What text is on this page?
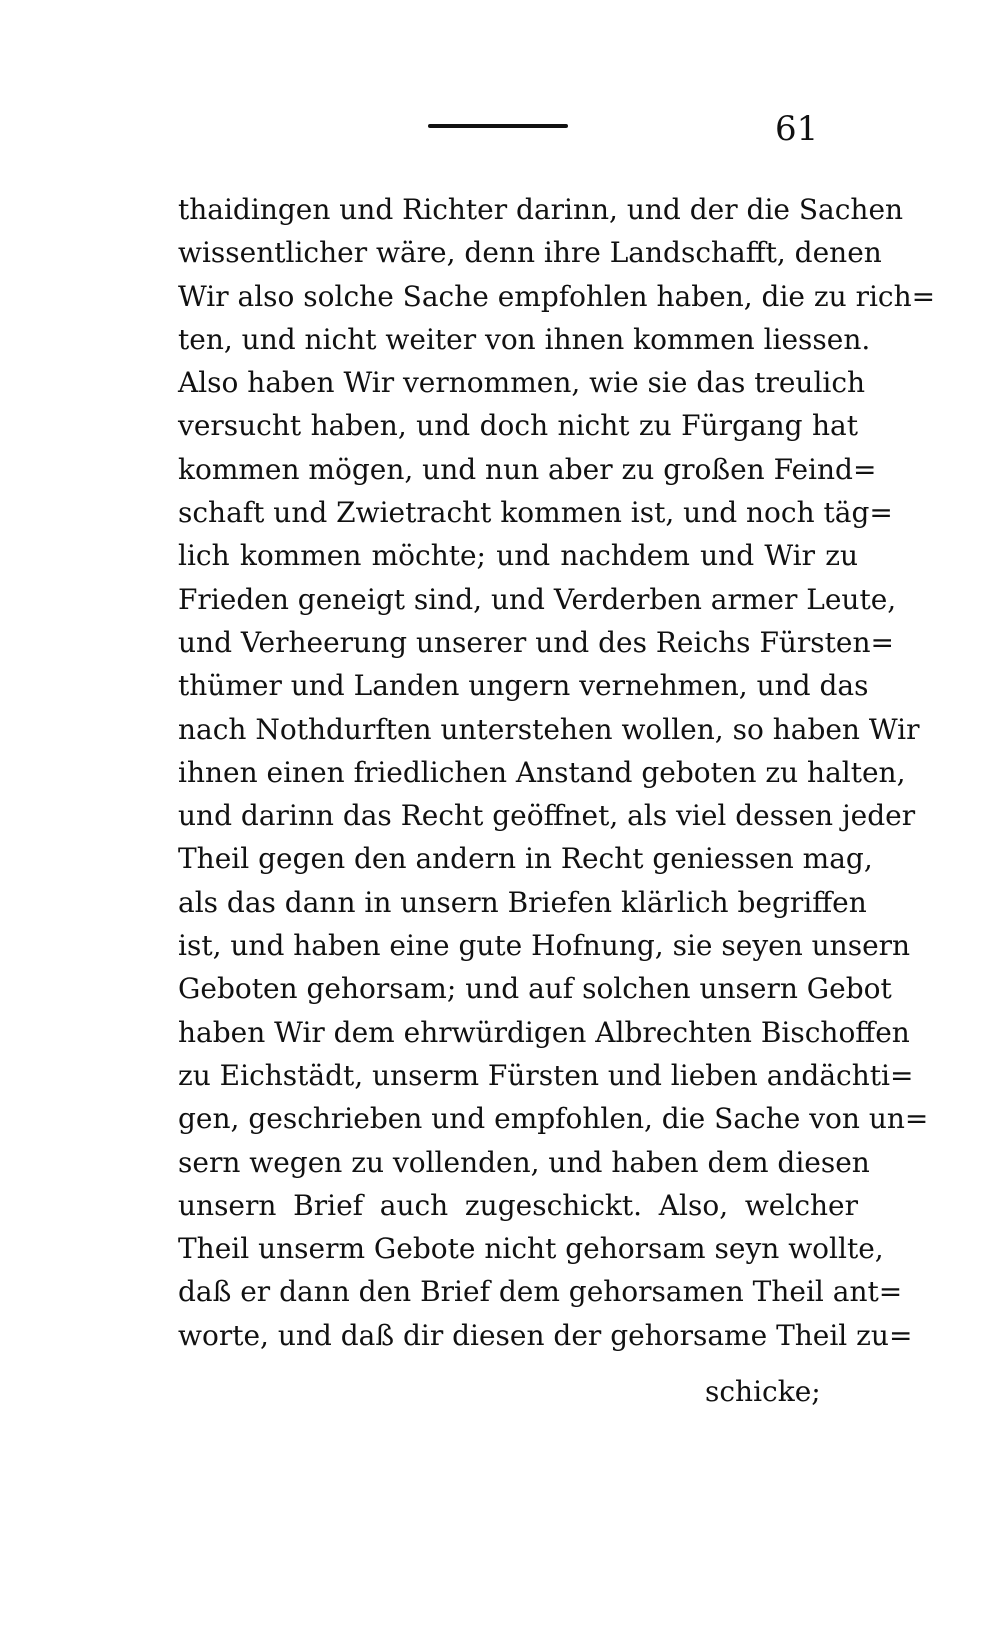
61
thaidingen und Richter darinn, und der die Sachen
wissentlicher wäre, denn ihre Landschafft, denen
Wir also solche Sache empfohlen haben, die zu rich=
ten, und nicht weiter von ihnen kommen liessen.
Also haben Wir vernommen, wie sie das treulich
versucht haben, und doch nicht zu Fürgang hat
kommen mögen, und nun aber zu großen Feind=
schaft und Zwietracht kommen ist, und noch täg=
lich kommen möchte; und nachdem und Wir zu
Frieden geneigt sind, und Verderben armer Leute,
und Verheerung unserer und des Reichs Fürsten=
thümer und Landen ungern vernehmen, und das
nach Nothdurften unterstehen wollen, so haben Wir
ihnen einen friedlichen Anstand geboten zu halten,
und darinn das Recht geöffnet, als viel dessen jeder
Theil gegen den andern in Recht geniessen mag,
als das dann in unsern Briefen klärlich begriffen
ist, und haben eine gute Hofnung, sie seyen unsern
Geboten gehorsam; und auf solchen unsern Gebot
haben Wir dem ehrwürdigen Albrechten Bischoffen
zu Eichstädt, unserm Fürsten und lieben andächti=
gen, geschrieben und empfohlen, die Sache von un=
sern wegen zu vollenden, und haben dem diesen
unsern Brief auch zugeschickt. Also, welcher
Theil unserm Gebote nicht gehorsam seyn wollte,
daß er dann den Brief dem gehorsamen Theil ant=
worte, und daß dir diesen der gehorsame Theil zu=
schicke;
